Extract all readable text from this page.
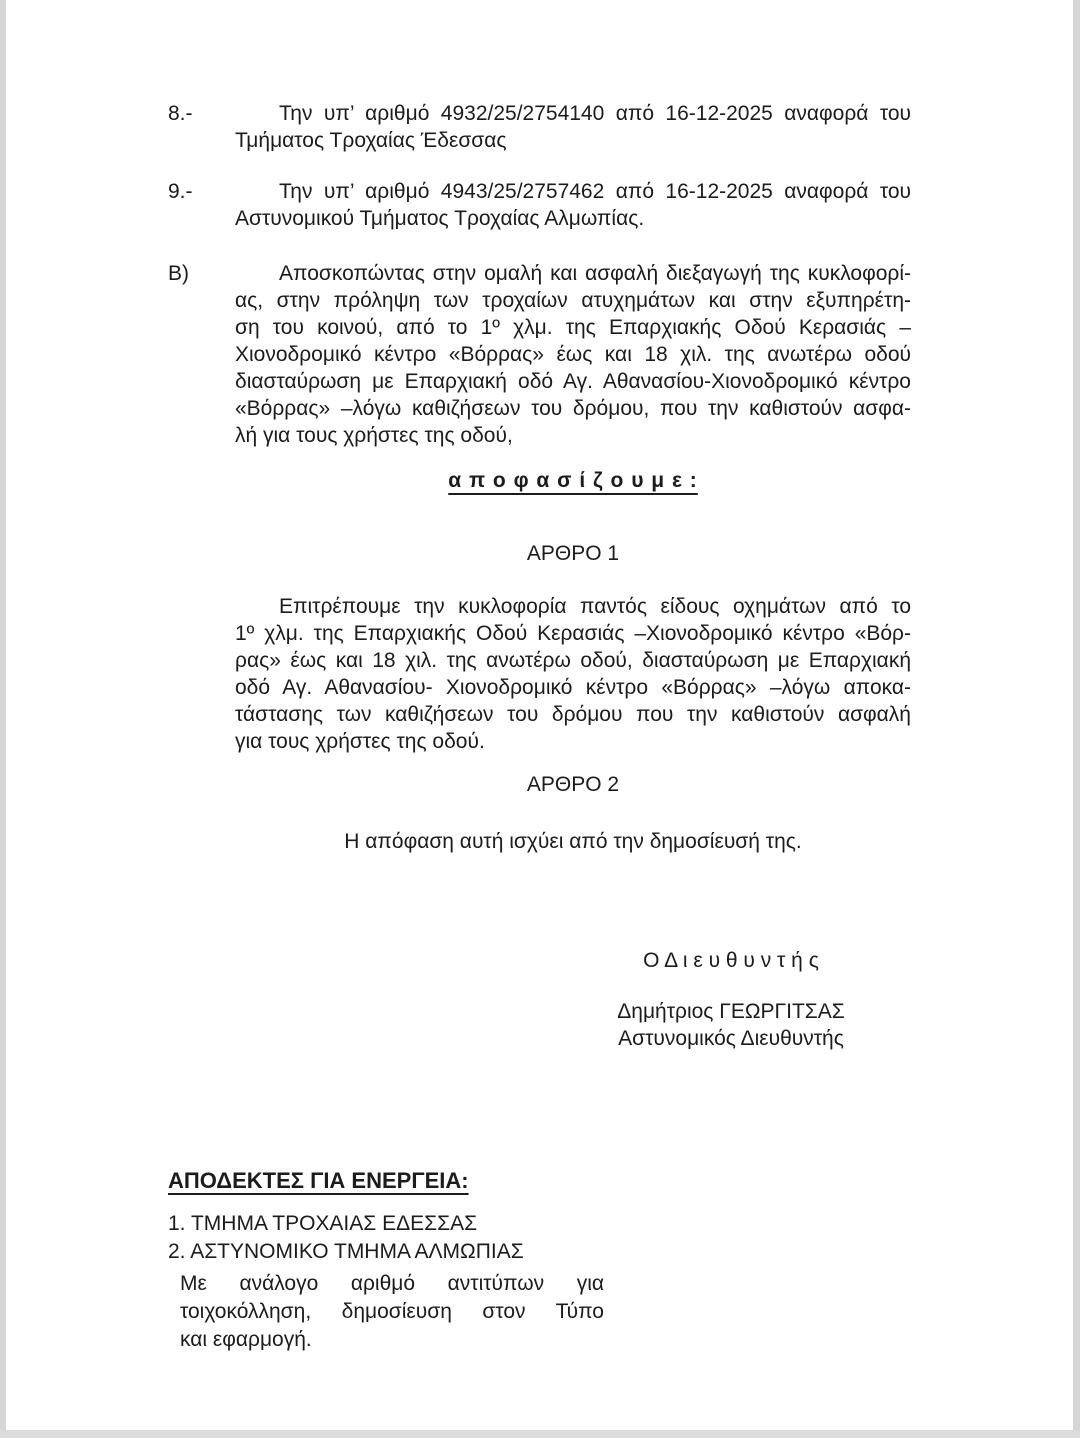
8.-	Την υπ’ αριθμό 4932/25/2754140 από 16-12-2025 αναφορά του
Τμήματος Τροχαίας Έδεσσας
9.-	Την υπ’ αριθμό 4943/25/2757462 από 16-12-2025 αναφορά του
Αστυνομικού Τμήματος Τροχαίας Αλμωπίας.
Β)	Αποσκοπώντας στην ομαλή και ασφαλή διεξαγωγή της κυκλοφορί-
ας, στην πρόληψη των τροχαίων ατυχημάτων και στην εξυπηρέτη-
ση του κοινού, από το 1º χλμ. της Επαρχιακής Οδού Κερασιάς –
Χιονοδρομικό κέντρο «Βόρρας» έως και 18 χιλ. της ανωτέρω οδού
διασταύρωση με Επαρχιακή οδό Αγ. Αθανασίου-Χιονοδρομικό κέντρο
«Βόρρας» –λόγω καθιζήσεων του δρόμου, που την καθιστούν ασφα-
λή για τους χρήστες της οδού,
α π ο φ α σ ί ζ ο υ μ ε :
ΑΡΘΡΟ 1
Επιτρέπουμε την κυκλοφορία παντός είδους οχημάτων από το
1º χλμ. της Επαρχιακής Οδού Κερασιάς –Χιονοδρομικό κέντρο «Βόρ-
ρας» έως και 18 χιλ. της ανωτέρω οδού, διασταύρωση με Επαρχιακή
οδό Αγ. Αθανασίου- Χιονοδρομικό κέντρο «Βόρρας» –λόγω αποκα-
τάστασης των καθιζήσεων του δρόμου που την καθιστούν ασφαλή
για τους χρήστες της οδού.
ΑΡΘΡΟ 2
Η απόφαση αυτή ισχύει από την δημοσίευσή της.
Ο Δ ι ε υ θ υ ν τ ή ς
Δημήτριος ΓΕΩΡΓΙΤΣΑΣ
Αστυνομικός Διευθυντής
ΑΠΟΔΕΚΤΕΣ ΓΙΑ ΕΝΕΡΓΕΙΑ:
1. ΤΜΗΜΑ ΤΡΟΧΑΙΑΣ ΕΔΕΣΣΑΣ
2. ΑΣΤΥΝΟΜΙΚΟ ΤΜΗΜΑ ΑΛΜΩΠΙΑΣ
Με ανάλογο αριθμό αντιτύπων για
τοιχοκόλληση, δημοσίευση στον Τύπο
και εφαρμογή.
